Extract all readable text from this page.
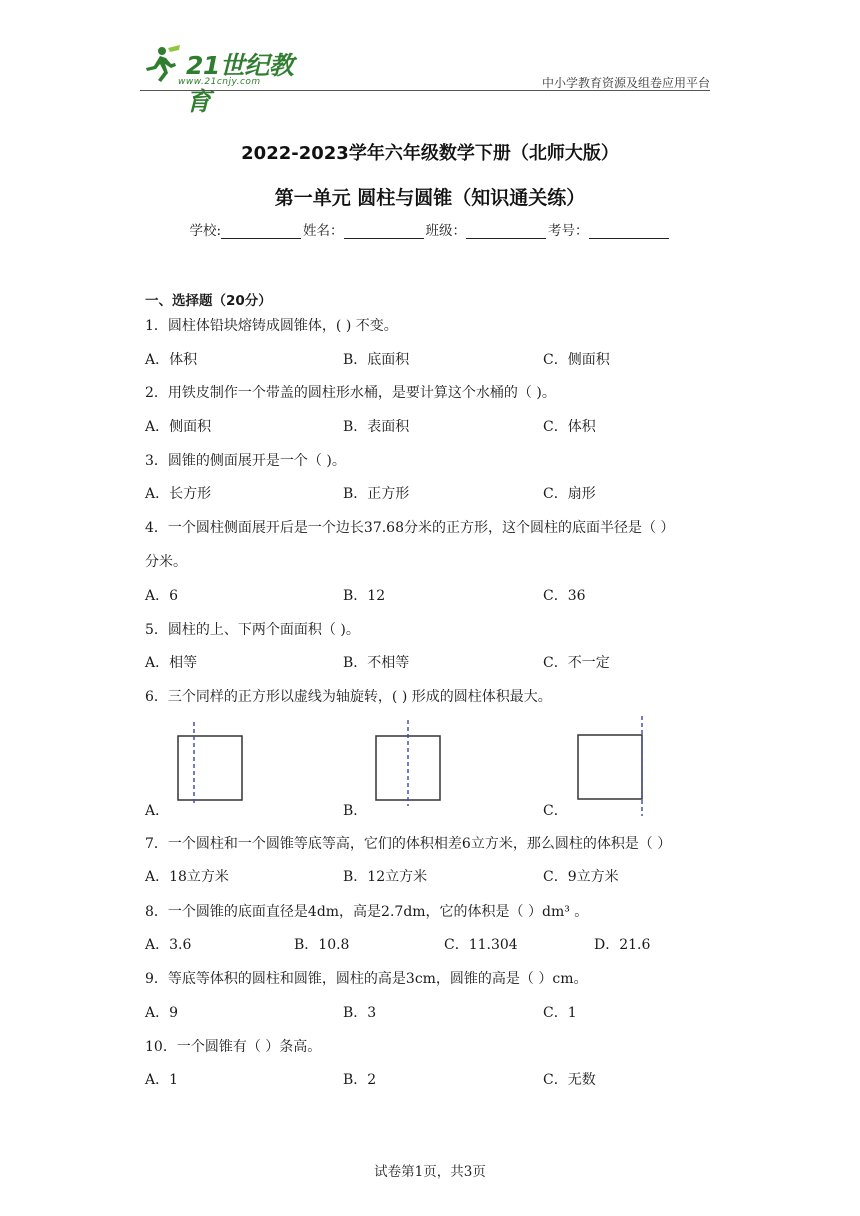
21世纪教育
www.21cnjy.com	中小学教育资源及组卷应用平台
2022-2023学年六年级数学下册（北师大版）
第一单元 圆柱与圆锥（知识通关练）
学校:	姓名：	班级：	考号：
一、选择题（20分）
1．圆柱体铅块熔铸成圆锥体，( ) 不变。
A．体积	B．底面积	C．侧面积
2．用铁皮制作一个带盖的圆柱形水桶，是要计算这个水桶的（ )。
A．侧面积	B．表面积	C．体积
3．圆锥的侧面展开是一个（ )。
A．长方形	B．正方形	C．扇形
4．一个圆柱侧面展开后是一个边长37.68分米的正方形，这个圆柱的底面半径是（ ）
分米。
A．6	B．12	C．36
5．圆柱的上、下两个面面积（ )。
A．相等	B．不相等	C．不一定
6．三个同样的正方形以虚线为轴旋转，( ) 形成的圆柱体积最大。
A．	B．	C．
7．一个圆柱和一个圆锥等底等高，它们的体积相差6立方米，那么圆柱的体积是（ ）
A．18立方米	B．12立方米	C．9立方米
8．一个圆锥的底面直径是4dm，高是2.7dm，它的体积是（ ）dm³ 。
A．3.6	B．10.8	C．11.304	D．21.6
9．等底等体积的圆柱和圆锥，圆柱的高是3cm，圆锥的高是（ ）cm。
A．9	B．3	C．1
10．一个圆锥有（ ）条高。
A．1	B．2	C．无数
试卷第1页，共3页
